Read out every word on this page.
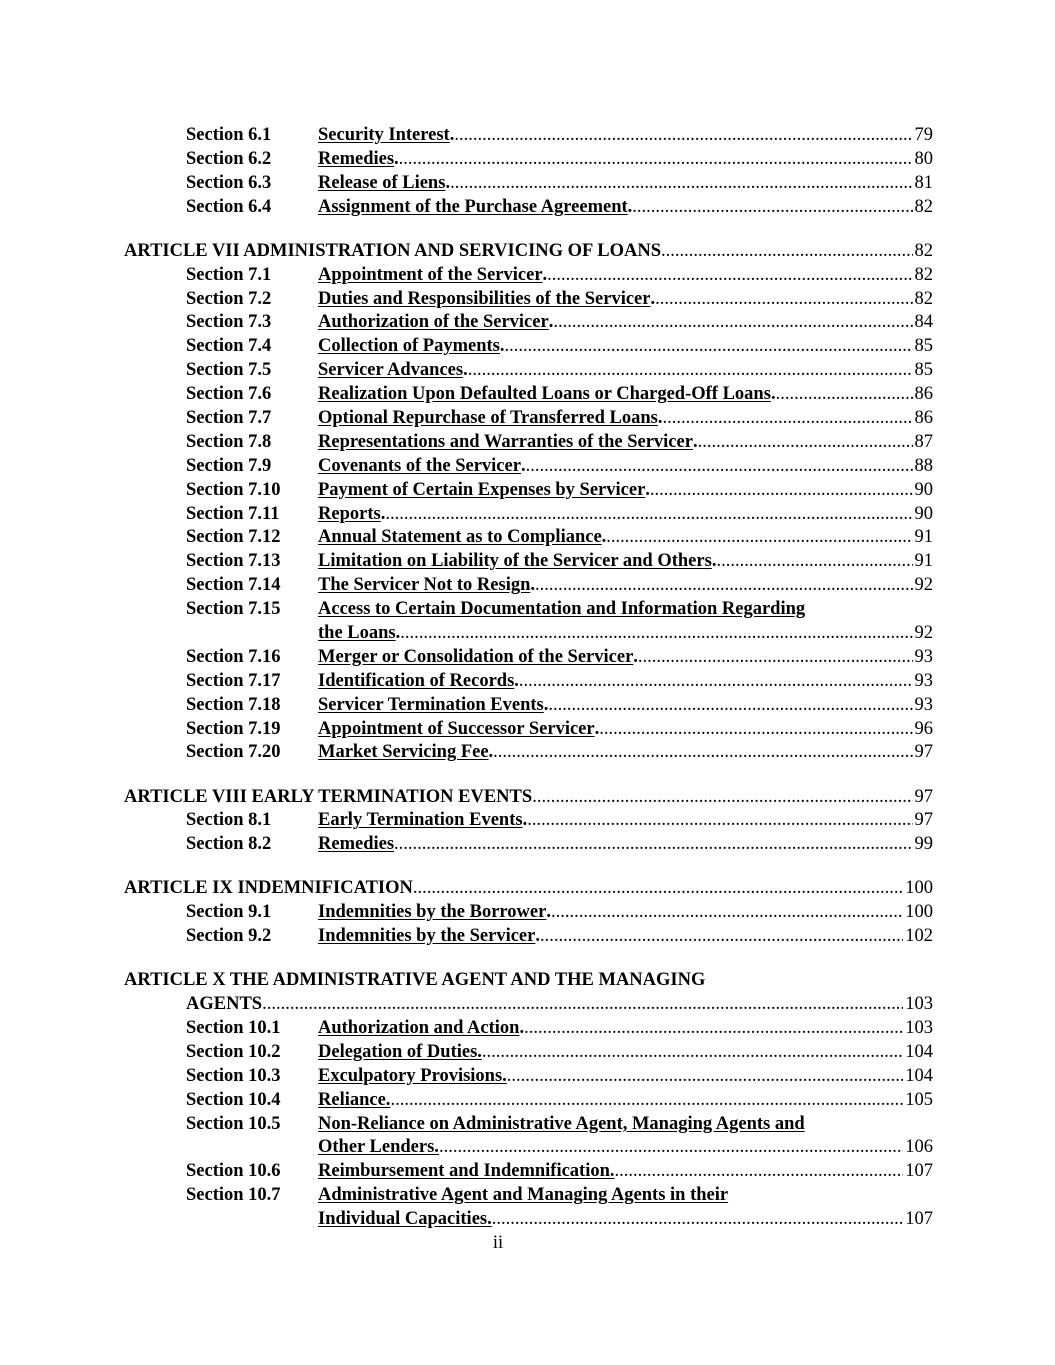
Section 6.1	Security Interest . .....	79
Section 6.2	Remedies . .....	80
Section 6.3	Release of Liens . .....	81
Section 6.4	Assignment of the Purchase Agreement . .....	82
ARTICLE VII ADMINISTRATION AND SERVICING OF LOANS .....	82
Section 7.1	Appointment of the Servicer . .....	82
Section 7.2	Duties and Responsibilities of the Servicer . .....	82
Section 7.3	Authorization of the Servicer . .....	84
Section 7.4	Collection of Payments . .....	85
Section 7.5	Servicer Advances . .....	85
Section 7.6	Realization Upon Defaulted Loans or Charged-Off Loans . .....	86
Section 7.7	Optional Repurchase of Transferred Loans . .....	86
Section 7.8	Representations and Warranties of the Servicer . .....	87
Section 7.9	Covenants of the Servicer . .....	88
Section 7.10 Payment of Certain Expenses by Servicer . .....	90
Section 7.11 Reports . .....	90
Section 7.12 Annual Statement as to Compliance . .....	91
Section 7.13 Limitation on Liability of the Servicer and Others . .....	91
Section 7.14 The Servicer Not to Resign . .....	92
Section 7.15 Access to Certain Documentation and Information Regarding
the Loans . .....	92
Section 7.16 Merger or Consolidation of the Servicer . .....	93
Section 7.17 Identification of Records . .....	93
Section 7.18 Servicer Termination Events . .....	93
Section 7.19 Appointment of Successor Servicer . .....	96
Section 7.20 Market Servicing Fee . .....	97
ARTICLE VIII EARLY TERMINATION EVENTS .....	97
Section 8.1	Early Termination Events . .....	97
Section 8.2	Remedies .....	99
ARTICLE IX INDEMNIFICATION .....	100
Section 9.1	Indemnities by the Borrower . .....	100
Section 9.2	Indemnities by the Servicer . .....	102
ARTICLE X THE ADMINISTRATIVE AGENT AND THE MANAGING
AGENTS .....	103
Section 10.1 Authorization and Action . .....	103
Section 10.2 Delegation of Duties. .....	104
Section 10.3 Exculpatory Provisions. .....	104
Section 10.4 Reliance. .....	105
Section 10.5 Non-Reliance on Administrative Agent, Managing Agents and
Other Lenders. .....	106
Section 10.6 Reimbursement and Indemnification. .....	107
Section 10.7 Administrative Agent and Managing Agents in their
Individual Capacities. .....	107
ii
